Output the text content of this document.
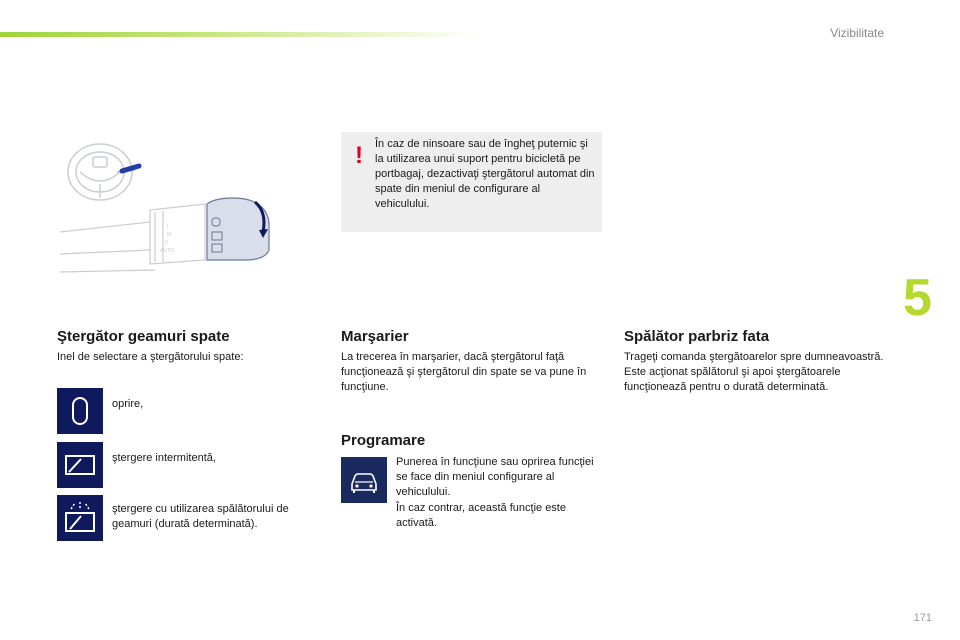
Vizibilitate
5
171
I
M
0
AUTO
! În caz de ninsoare sau de îngheţ puternic şi la utilizarea unui suport pentru bicicletă pe portbagaj, dezactivaţi ştergătorul automat din spate din meniul de configurare al vehiculului.
Ştergător geamuri spate
Inel de selectare a ştergătorului spate:
oprire,
ştergere intermitentă,
ştergere cu utilizarea spălătorului de geamuri (durată determinată).
Marşarier
La trecerea în marşarier, dacă ştergătorul faţă funcţionează şi ştergătorul din spate se va pune în funcţiune.
Programare
Punerea în funcţiune sau oprirea funcţiei se face din meniul configurare al vehiculului.
În caz contrar, această funcţie este activată.
Spălător parbriz fata
Trageţi comanda ştergătoarelor spre dumneavoastră. Este acţionat spălătorul şi apoi ştergătoarele funcţionează pentru o durată determinată.
